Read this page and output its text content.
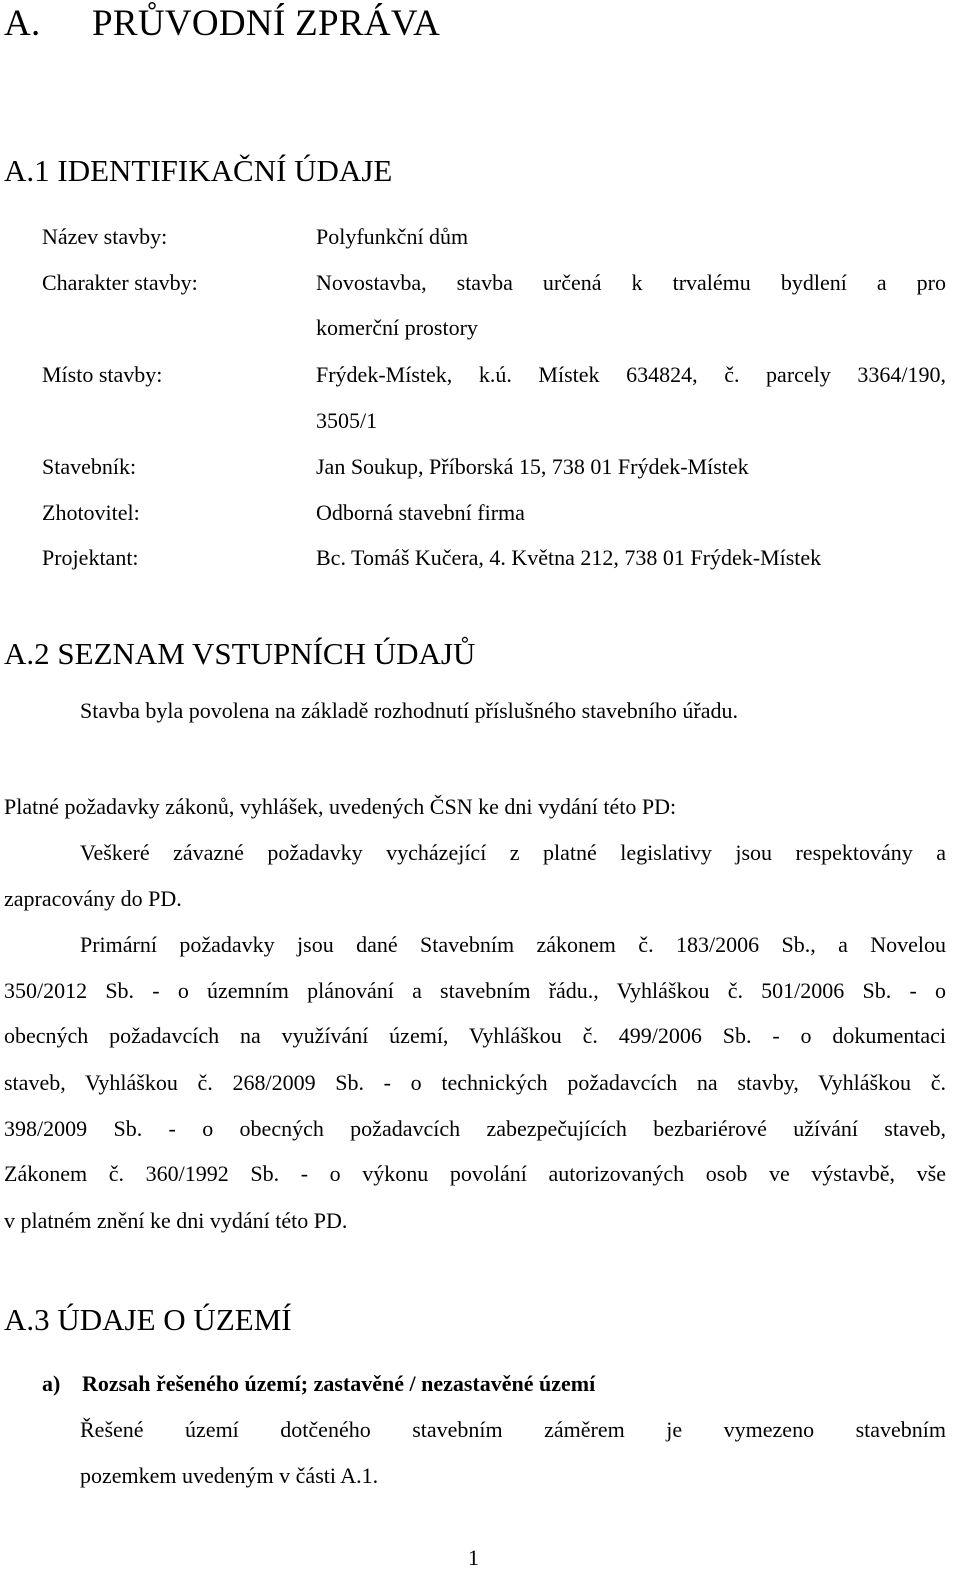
A. PRŮVODNÍ ZPRÁVA
A.1 IDENTIFIKAČNÍ ÚDAJE
Název stavby:	Polyfunkční dům
Charakter stavby:	Novostavba, stavba určená k trvalému bydlení a pro
komerční prostory
Místo stavby:	Frýdek-Místek, k.ú. Místek 634824, č. parcely 3364/190,
3505/1
Stavebník:	Jan Soukup, Příborská 15, 738 01 Frýdek-Místek
Zhotovitel:	Odborná stavební firma
Projektant:	Bc. Tomáš Kučera, 4. Května 212, 738 01 Frýdek-Místek
A.2 SEZNAM VSTUPNÍCH ÚDAJŮ
Stavba byla povolena na základě rozhodnutí příslušného stavebního úřadu.
Platné požadavky zákonů, vyhlášek, uvedených ČSN ke dni vydání této PD:
Veškeré závazné požadavky vycházející z platné legislativy jsou respektovány a
zapracovány do PD.
Primární požadavky jsou dané Stavebním zákonem č. 183/2006 Sb., a Novelou
350/2012 Sb. - o územním plánování a stavebním řádu., Vyhláškou č. 501/2006 Sb. - o
obecných požadavcích na využívání území, Vyhláškou č. 499/2006 Sb. - o dokumentaci
staveb, Vyhláškou č. 268/2009 Sb. - o technických požadavcích na stavby, Vyhláškou č.
398/2009 Sb. - o obecných požadavcích zabezpečujících bezbariérové užívání staveb,
Zákonem č. 360/1992 Sb. - o výkonu povolání autorizovaných osob ve výstavbě, vše
v platném znění ke dni vydání této PD.
A.3 ÚDAJE O ÚZEMÍ
a) Rozsah řešeného území; zastavěné / nezastavěné území
Řešené území dotčeného stavebním záměrem je vymezeno stavebním
pozemkem uvedeným v části A.1.
1
